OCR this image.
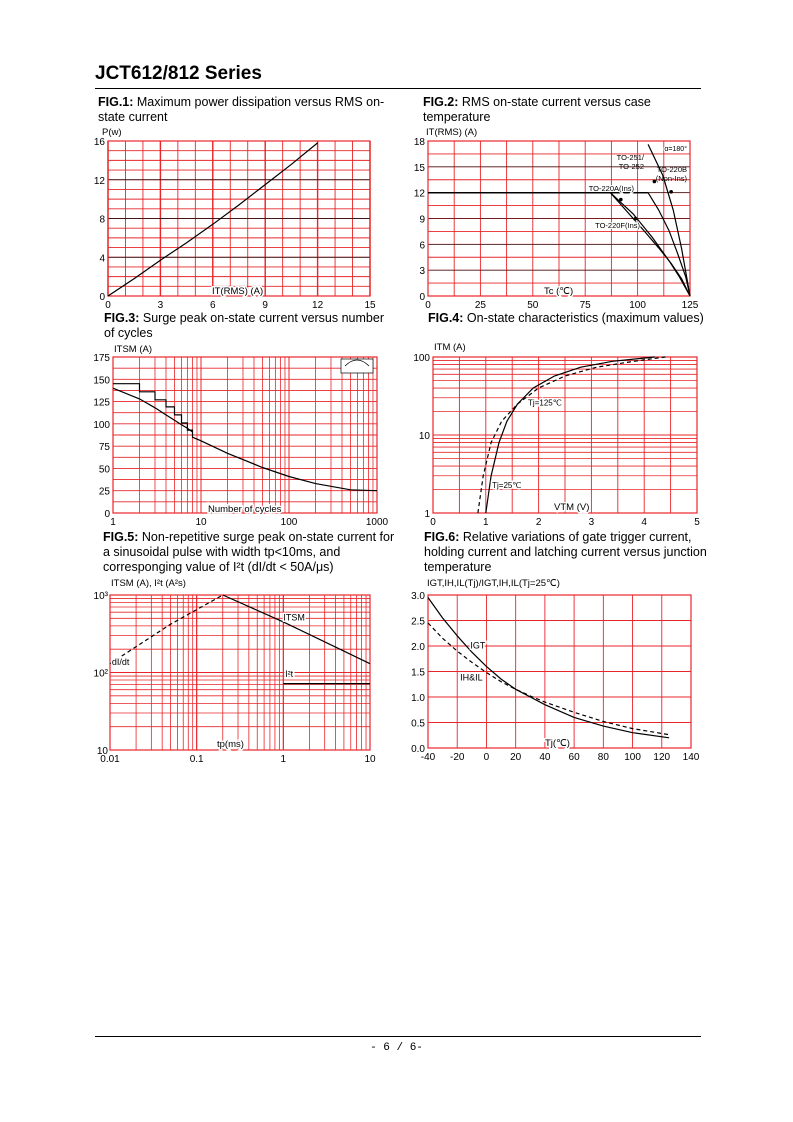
JCT612/812 Series
FIG.1: Maximum power dissipation versus RMS on-state current
FIG.2: RMS on-state current versus case temperature
FIG.3: Surge peak on-state current versus number of cycles
FIG.4: On-state characteristics (maximum values)
FIG.5: Non-repetitive surge peak on-state current for a sinusoidal pulse with width tp<10ms, and corresponging value of I²t (dI/dt < 50A/μs)
FIG.6: Relative variations of gate trigger current, holding current and latching current versus junction temperature
0	3	6	9	12	15
0
4
8
12
16
P(w)
IT(RMS) (A)
0	25	50	75	100	125
0
3
6
9
12
15
18
IT(RMS) (A)
Tc (℃)
α=180°
TO-251/
TO-252 TO-220B
(Non-Ins)
TO-220A(Ins)
TO-220F(Ins)
1	10	100	1000
0
25
50
75
100
125
150
175
ITSM (A)
Number of cycles
0	1	2	3	4	5
1
10
100
ITM (A)
VTM (V)
Tj=125℃
Tj=25℃
0.01	0.1	1	10
10
10²
10³
ITSM (A), I²t (A²s)
tp(ms)
ITSM
I²t
dI/dt
-40 -20 0 20 40 60 80 100 120 140
0.0
0.5
1.0
1.5
2.0
2.5
3.0
IGT,IH,IL(Tj)/IGT,IH,IL(Tj=25℃)
Tj(℃)
IGT
IH&IL
- 6 / 6-
